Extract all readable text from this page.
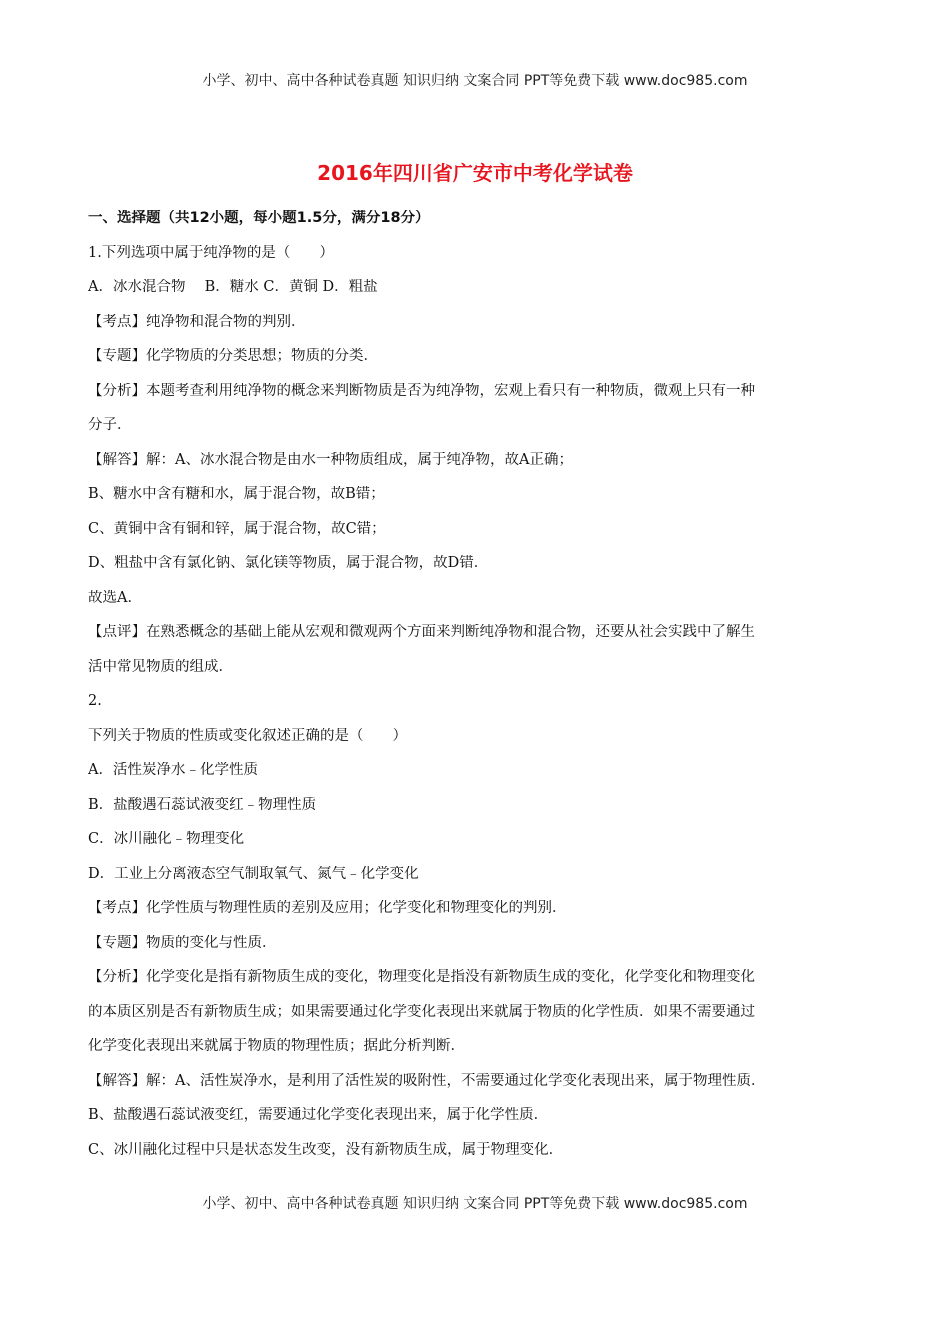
小学、初中、高中各种试卷真题 知识归纳 文案合同 PPT等免费下载 www.doc985.com
2016年四川省广安市中考化学试卷
一、选择题（共12小题，每小题1.5分，满分18分）
1.下列选项中属于纯净物的是（　　）
A．冰水混合物　 B．糖水 C．黄铜 D．粗盐
【考点】纯净物和混合物的判别．
【专题】化学物质的分类思想；物质的分类．
【分析】本题考查利用纯净物的概念来判断物质是否为纯净物，宏观上看只有一种物质，微观上只有一种
分子．
【解答】解：A、冰水混合物是由水一种物质组成，属于纯净物，故A正确；
B、糖水中含有糖和水，属于混合物，故B错；
C、黄铜中含有铜和锌，属于混合物，故C错；
D、粗盐中含有氯化钠、氯化镁等物质，属于混合物，故D错．
故选A．
【点评】在熟悉概念的基础上能从宏观和微观两个方面来判断纯净物和混合物，还要从社会实践中了解生
活中常见物质的组成．
2.
下列关于物质的性质或变化叙述正确的是（　　）
A．活性炭净水﹣化学性质
B．盐酸遇石蕊试液变红﹣物理性质
C．冰川融化﹣物理变化
D．工业上分离液态空气制取氧气、氮气﹣化学变化
【考点】化学性质与物理性质的差别及应用；化学变化和物理变化的判别．
【专题】物质的变化与性质．
【分析】化学变化是指有新物质生成的变化，物理变化是指没有新物质生成的变化，化学变化和物理变化
的本质区别是否有新物质生成；如果需要通过化学变化表现出来就属于物质的化学性质．如果不需要通过
化学变化表现出来就属于物质的物理性质；据此分析判断．
【解答】解：A、活性炭净水，是利用了活性炭的吸附性，不需要通过化学变化表现出来，属于物理性质．
B、盐酸遇石蕊试液变红，需要通过化学变化表现出来，属于化学性质．
C、冰川融化过程中只是状态发生改变，没有新物质生成，属于物理变化．
小学、初中、高中各种试卷真题 知识归纳 文案合同 PPT等免费下载 www.doc985.com
